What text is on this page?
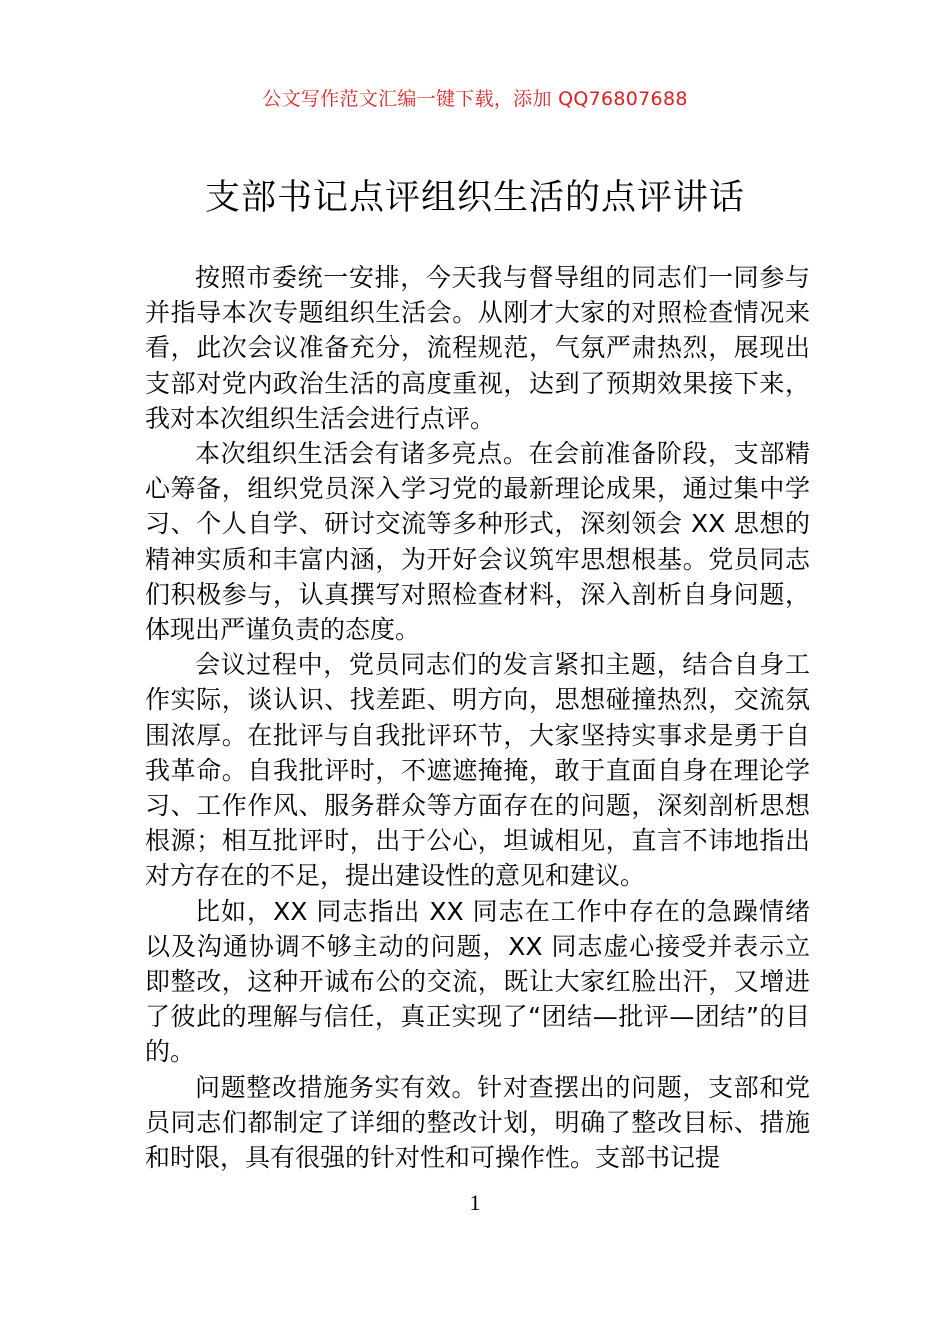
公文写作范文汇编一键下载，添加 QQ76807688
支部书记点评组织生活的点评讲话

按照市委统一安排，今天我与督导组的同志们一同参与并指导本次专题组织生活会。从刚才大家的对照检查情况来看，此次会议准备充分，流程规范，气氛严肃热烈，展现出支部对党内政治生活的高度重视，达到了预期效果接下来，我对本次组织生活会进行点评。

本次组织生活会有诸多亮点。在会前准备阶段，支部精心筹备，组织党员深入学习党的最新理论成果，通过集中学习、个人自学、研讨交流等多种形式，深刻领会 XX 思想的精神实质和丰富内涵，为开好会议筑牢思想根基。党员同志们积极参与，认真撰写对照检查材料，深入剖析自身问题，体现出严谨负责的态度。

会议过程中，党员同志们的发言紧扣主题，结合自身工作实际，谈认识、找差距、明方向，思想碰撞热烈，交流氛围浓厚。在批评与自我批评环节，大家坚持实事求是勇于自我革命。自我批评时，不遮遮掩掩，敢于直面自身在理论学习、工作作风、服务群众等方面存在的问题，深刻剖析思想根源；相互批评时，出于公心，坦诚相见，直言不讳地指出对方存在的不足，提出建设性的意见和建议。

比如，XX 同志指出 XX 同志在工作中存在的急躁情绪以及沟通协调不够主动的问题，XX 同志虚心接受并表示立即整改，这种开诚布公的交流，既让大家红脸出汗，又增进了彼此的理解与信任，真正实现了“团结—批评—团结”的目的。

问题整改措施务实有效。针对查摆出的问题，支部和党员同志们都制定了详细的整改计划，明确了整改目标、措施和时限，具有很强的针对性和可操作性。支部书记提

1
